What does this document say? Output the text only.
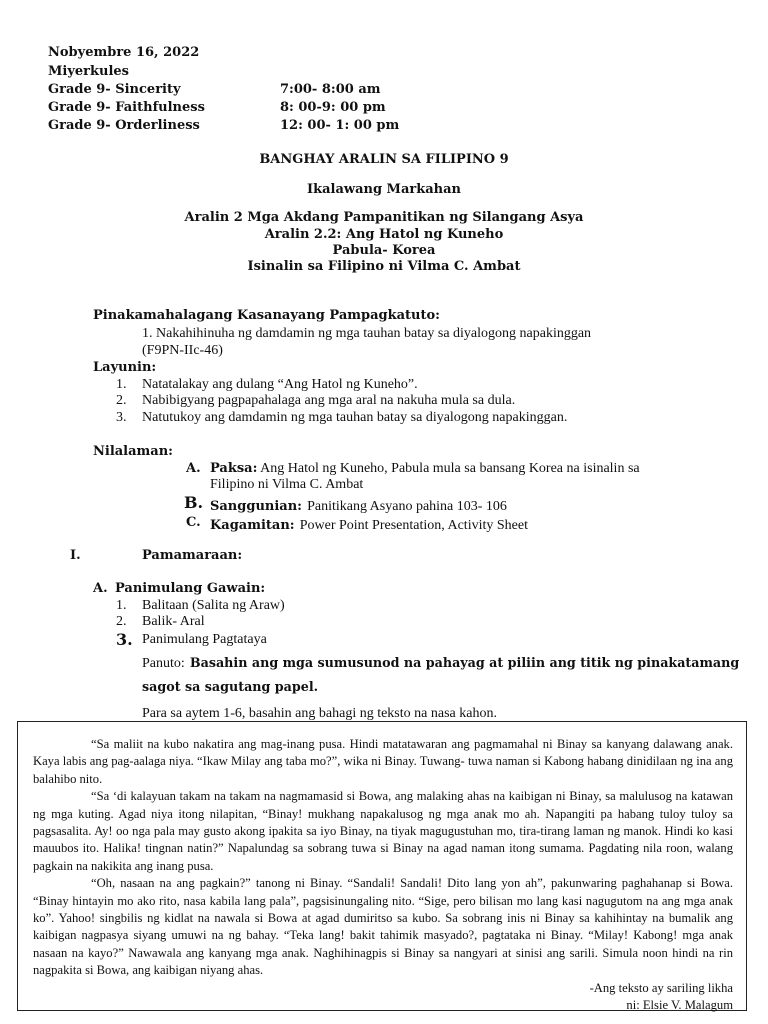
Nobyembre 16, 2022
Miyerkules
Grade 9- Sincerity	7:00- 8:00 am
Grade 9- Faithfulness	8: 00-9: 00 pm
Grade 9- Orderliness	12: 00- 1: 00 pm
BANGHAY ARALIN SA FILIPINO 9
Ikalawang Markahan
Aralin 2 Mga Akdang Pampanitikan ng Silangang Asya
Aralin 2.2: Ang Hatol ng Kuneho
Pabula- Korea
Isinalin sa Filipino ni Vilma C. Ambat
Pinakamahalagang Kasanayang Pampagkatuto:
1. Nakahihinuha ng damdamin ng mga tauhan batay sa diyalogong napakinggan
(F9PN-IIc-46)
Layunin:
1. Natatalakay ang dulang “Ang Hatol ng Kuneho”.
2. Nabibigyang pagpapahalaga ang mga aral na nakuha mula sa dula.
3. Natutukoy ang damdamin ng mga tauhan batay sa diyalogong napakinggan.
Nilalaman:
A. Paksa: Ang Hatol ng Kuneho, Pabula mula sa bansang Korea na isinalin sa
Filipino ni Vilma C. Ambat
B. Sanggunian: Panitikang Asyano pahina 103- 106
C. Kagamitan: Power Point Presentation, Activity Sheet
I.	Pamamaraan:
A. Panimulang Gawain:
1. Balitaan (Salita ng Araw)
2. Balik- Aral
3. Panimulang Pagtataya
Panuto: Basahin ang mga sumusunod na pahayag at piliin ang titik ng pinakatamang
sagot sa sagutang papel.
Para sa aytem 1-6, basahin ang bahagi ng teksto na nasa kahon.

“Sa maliit na kubo nakatira ang mag-inang pusa. Hindi matatawaran ang pagmamahal ni Binay sa kanyang dalawang anak. Kaya labis ang pag-aalaga niya. “Ikaw Milay ang taba mo?”, wika ni Binay. Tuwang- tuwa naman si Kabong habang dinidilaan ng ina ang balahibo nito.

“Sa ‘di kalayuan takam na takam na nagmamasid si Bowa, ang malaking ahas na kaibigan ni Binay, sa malulusog na katawan ng mga kuting. Agad niya itong nilapitan, “Binay! mukhang napakalusog ng mga anak mo ah. Napangiti pa habang tuloy tuloy sa pagsasalita. Ay! oo nga pala may gusto akong ipakita sa iyo Binay, na tiyak magugustuhan mo, tira-tirang laman ng manok. Hindi ko kasi mauubos ito. Halika! tingnan natin?” Napalundag sa sobrang tuwa si Binay na agad naman itong sumama. Pagdating nila roon, walang pagkain na nakikita ang inang pusa.

“Oh, nasaan na ang pagkain?” tanong ni Binay. “Sandali! Sandali! Dito lang yon ah”, pakunwaring paghahanap si Bowa. “Binay hintayin mo ako rito, nasa kabila lang pala”, pagsisinungaling nito. “Sige, pero bilisan mo lang kasi nagugutom na ang mga anak ko”. Yahoo! singbilis ng kidlat na nawala si Bowa at agad dumiritso sa kubo. Sa sobrang inis ni Binay sa kahihintay na bumalik ang kaibigan nagpasya siyang umuwi na ng bahay. “Teka lang! bakit tahimik masyado?, pagtataka ni Binay. “Milay! Kabong! mga anak nasaan na kayo?” Nawawala ang kanyang mga anak. Naghihinagpis si Binay sa nangyari at sinisi ang sarili. Simula noon hindi na rin nagpakita si Bowa, ang kaibigan niyang ahas.

-Ang teksto ay sariling likha
ni: Elsie V. Malagum
